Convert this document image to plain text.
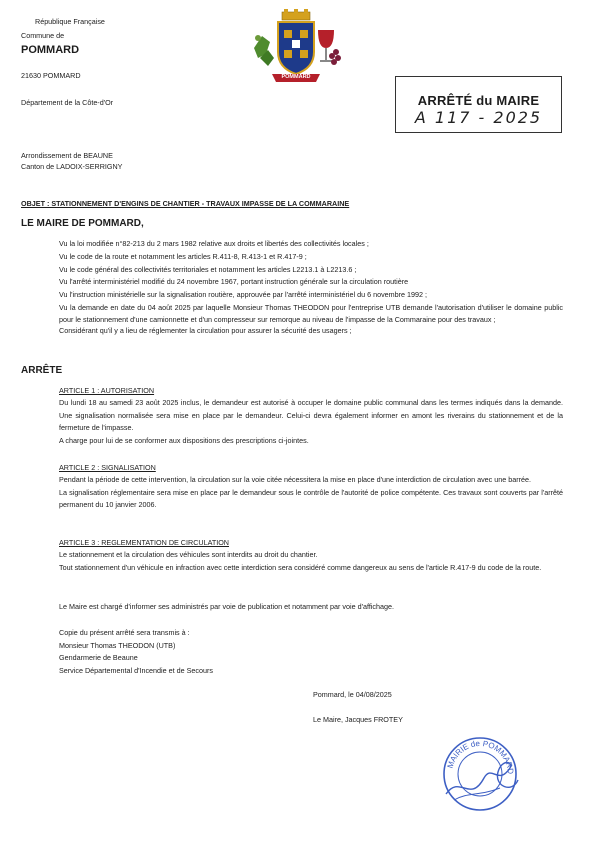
République Française
Commune de
POMMARD
21630 POMMARD
Département de la Côte-d'Or
Arrondissement de BEAUNE
Canton de LADOIX-SERRIGNY
POMMARD
ARRÊTÉ du MAIRE
A 117 - 2025
OBJET : STATIONNEMENT D'ENGINS DE CHANTIER - TRAVAUX IMPASSE DE LA COMMARAINE
LE MAIRE DE POMMARD,

Vu la loi modifiée n°82-213 du 2 mars 1982 relative aux droits et libertés des collectivités locales ;

Vu le code de la route et notamment les articles R.411-8, R.413-1 et R.417-9 ;

Vu le code général des collectivités territoriales et notamment les articles L2213.1 à L2213.6 ;

Vu l'arrêté interministériel modifié du 24 novembre 1967, portant instruction générale sur la circulation routière

Vu l'instruction ministérielle sur la signalisation routière, approuvée par l'arrêté interministériel du 6 novembre 1992 ;

Vu la demande en date du 04 août 2025 par laquelle Monsieur Thomas THEODON pour l'entreprise UTB demande l'autorisation d'utiliser le domaine public pour le stationnement d'une camionnette et d'un compresseur sur remorque au niveau de l'impasse de la Commaraine pour des travaux ;

Considérant qu'il y a lieu de réglementer la circulation pour assurer la sécurité des usagers ;

ARRÊTE

ARTICLE 1 : AUTORISATION

Du lundi 18 au samedi 23 août 2025 inclus, le demandeur est autorisé à occuper le domaine public communal dans les termes indiqués dans la demande. Une signalisation normalisée sera mise en place par le demandeur. Celui-ci devra également informer en amont les riverains du stationnement et de la fermeture de l'impasse.

A charge pour lui de se conformer aux dispositions des prescriptions ci-jointes.

ARTICLE 2 : SIGNALISATION

Pendant la période de cette intervention, la circulation sur la voie citée nécessitera la mise en place d'une interdiction de circulation avec une barrée.

La signalisation réglementaire sera mise en place par le demandeur sous le contrôle de l'autorité de police compétente. Ces travaux sont couverts par l'arrêté permanent du 10 janvier 2006.

ARTICLE 3 : REGLEMENTATION DE CIRCULATION

Le stationnement et la circulation des véhicules sont interdits au droit du chantier.

Tout stationnement d'un véhicule en infraction avec cette interdiction sera considéré comme dangereux au sens de l'article R.417-9 du code de la route.

Le Maire est chargé d'informer ses administrés par voie de publication et notamment par voie d'affichage.

Copie du présent arrêté sera transmis à :

Monsieur Thomas THEODON (UTB)

Gendarmerie de Beaune

Service Départemental d'Incendie et de Secours

Pommard, le 04/08/2025
Le Maire, Jacques FROTEY
MAIRIE de POMMARD
